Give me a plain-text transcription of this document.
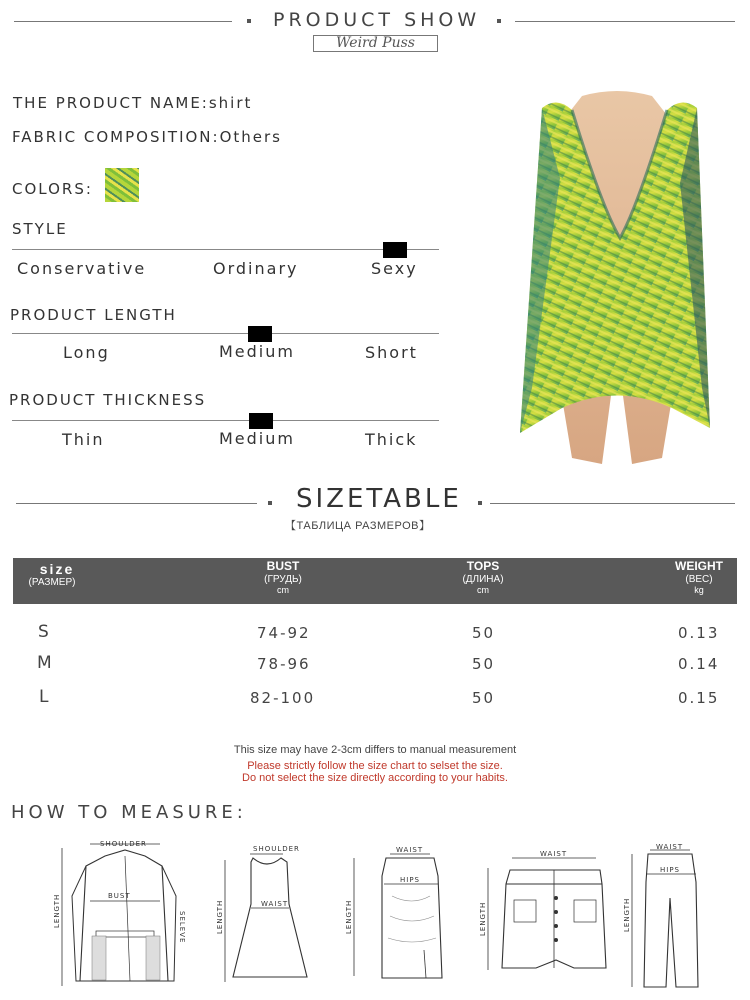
PRODUCT SHOW
Weird Puss
THE PRODUCT NAME:shirt
FABRIC COMPOSITION:Others
COLORS:
STYLE
Conservative	Ordinary	Sexy
PRODUCT LENGTH
Long	Medium	Short
PRODUCT THICKNESS
Thin	Medium	Thick
SIZETABLE
【ТАБЛИЦА РАЗМЕРОВ】
size
(РАЗМЕР)
BUST
(ГРУДЬ)
cm
TOPS
(ДЛИНА)
cm
WEIGHT
(ВЕС)
kg
S	74-92	50	0.13
M	78-96	50	0.14
L	82-100	50	0.15
This size may have 2-3cm differs to manual measurement
Please strictly follow the size chart to selset the size.
Do not select the size directly according to your habits.
HOW TO MEASURE:
SHOULDER
LENGTH	BUST
SELEVE
SHOULDER
LENGTH	WAIST
WAIST
LENGTH
HIPS
WAIST
LENGTH
WAIST
LENGTH
HIPS
